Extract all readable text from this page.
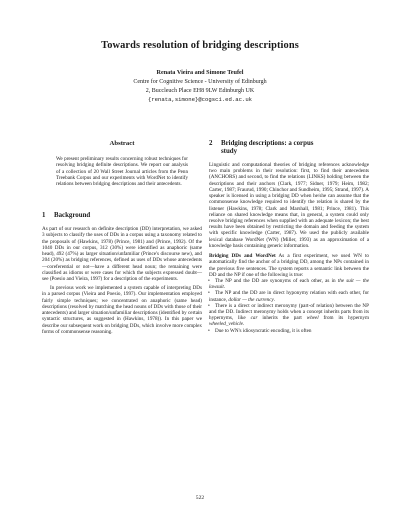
Towards resolution of bridging descriptions
Renata Vieira and Simone Teufel
Centre for Cognitive Science - University of Edinburgh
2, Buccleuch Place EH8 9LW Edinburgh UK
{renata,simone}@cogsci.ed.ac.uk
Abstract

We present preliminary results concerning robust techniques for resolving bridging definite descriptions. We report our analysis of a collection of 20 Wall Street Journal articles from the Penn Treebank Corpus and our experiments with WordNet to identify relations between bridging descriptions and their antecedents.

1 Background

As part of our research on definite description (DD) interpretation, we asked 3 subjects to classify the uses of DDs in a corpus using a taxonomy related to the proposals of (Hawkins, 1978) (Prince, 1981) and (Prince, 1992). Of the 1040 DDs in our corpus, 312 (30%) were identified as anaphoric (same head), 492 (47%) as larger situation/unfamiliar (Prince's discourse new), and 204 (20%) as bridging references, defined as uses of DDs whose antecedents—coreferential or not—have a different head noun; the remaining were classified as idioms or were cases for which the subjects expressed doubt—see (Poesio and Vieira, 1997) for a description of the experiments.

In previous work we implemented a system capable of interpreting DDs in a parsed corpus (Vieira and Poesio, 1997). Our implementation employed fairly simple techniques; we concentrated on anaphoric (same head) descriptions (resolved by matching the head nouns of DDs with those of their antecedents) and larger situation/unfamiliar descriptions (identified by certain syntactic structures, as suggested in (Hawkins, 1978)). In this paper we describe our subsequent work on bridging DDs, which involve more complex forms of commonsense reasoning.

2 Bridging descriptions: a corpus
study

Linguistic and computational theories of bridging references acknowledge two main problems in their resolution: first, to find their antecedents (ANCHORS) and second, to find the relations (LINKS) holding between the descriptions and their anchors (Clark, 1977; Sidner, 1979; Heim, 1982; Carter, 1987; Fraurud, 1990; Chinchor and Sundheim, 1995; Strand, 1997). A speaker is licensed in using a bridging DD when he/she can assume that the commonsense knowledge required to identify the relation is shared by the listener (Hawkins, 1978; Clark and Marshall, 1981; Prince, 1981). This reliance on shared knowledge means that, in general, a system could only resolve bridging references when supplied with an adequate lexicon; the best results have been obtained by restricting the domain and feeding the system with specific knowledge (Carter, 1987). We used the publicly available lexical database WordNet (WN) (Miller, 1993) as an approximation of a knowledge basis containing generic information.

Bridging DDs and WordNet As a first experiment, we used WN to automatically find the anchor of a bridging DD, among the NPs contained in the previous five sentences. The system reports a semantic link between the DD and the NP if one of the following is true:

• The NP and the DD are synonyms of each other, as in the suit — the lawsuit.
• The NP and the DD are in direct hyponymy relation with each other, for instance, dollar — the currency.
• There is a direct or indirect meronymy (part-of relation) between the NP and the DD. Indirect meronymy holds when a concept inherits parts from its hypernyms, like car inherits the part wheel from its hypernym wheeled_vehicle.
• Due to WN's idiosyncratic encoding, it is often
522
